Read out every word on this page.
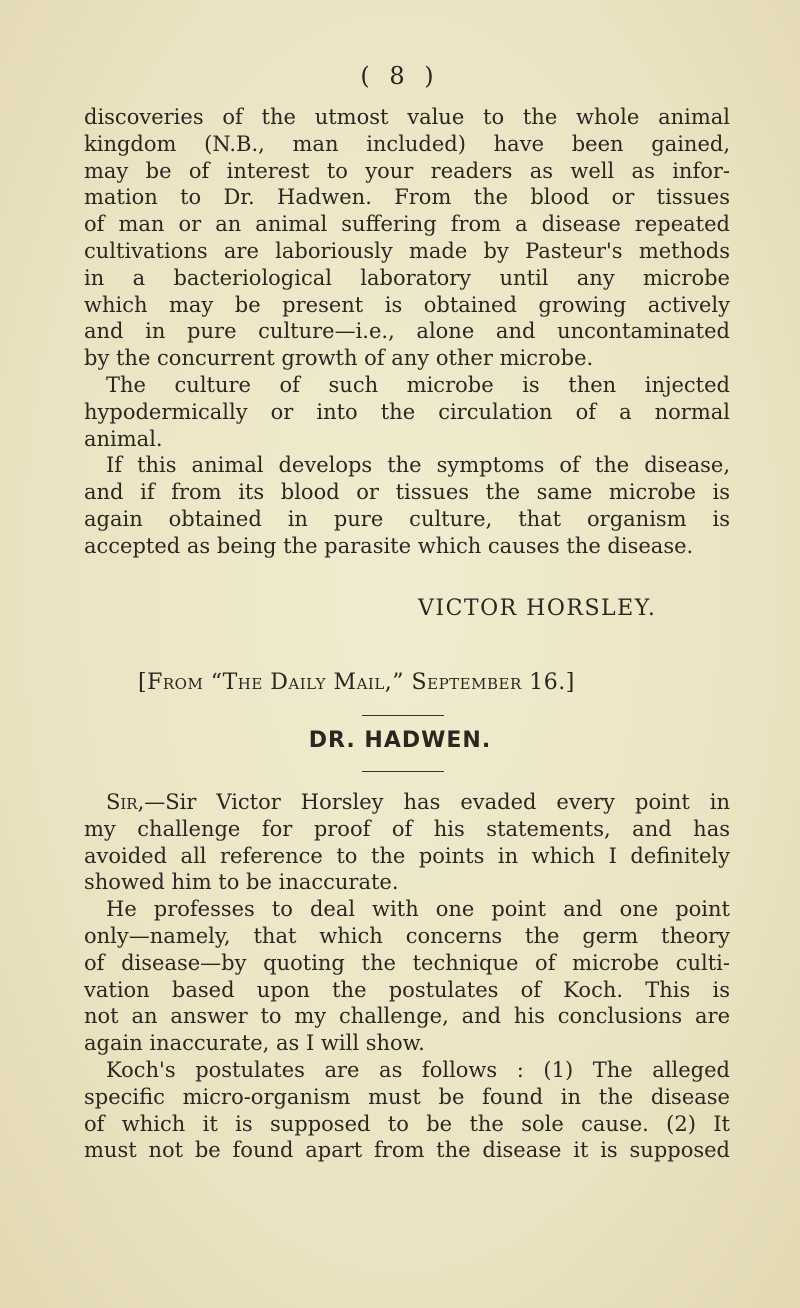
( 8 )
discoveries of the utmost value to the whole animal
kingdom (N.B., man included) have been gained,
may be of interest to your readers as well as infor-
mation to Dr. Hadwen. From the blood or tissues
of man or an animal suffering from a disease repeated
cultivations are laboriously made by Pasteur's methods
in a bacteriological laboratory until any microbe
which may be present is obtained growing actively
and in pure culture—i.e., alone and uncontaminated
by the concurrent growth of any other microbe.
The culture of such microbe is then injected
hypodermically or into the circulation of a normal
animal.
If this animal develops the symptoms of the disease,
and if from its blood or tissues the same microbe is
again obtained in pure culture, that organism is
accepted as being the parasite which causes the disease.
VICTOR HORSLEY.
[From “The Daily Mail,” September 16.]
DR. HADWEN.
Sir,—Sir Victor Horsley has evaded every point in
my challenge for proof of his statements, and has
avoided all reference to the points in which I definitely
showed him to be inaccurate.
He professes to deal with one point and one point
only—namely, that which concerns the germ theory
of disease—by quoting the technique of microbe culti-
vation based upon the postulates of Koch. This is
not an answer to my challenge, and his conclusions are
again inaccurate, as I will show.
Koch's postulates are as follows : (1) The alleged
specific micro-organism must be found in the disease
of which it is supposed to be the sole cause. (2) It
must not be found apart from the disease it is supposed
